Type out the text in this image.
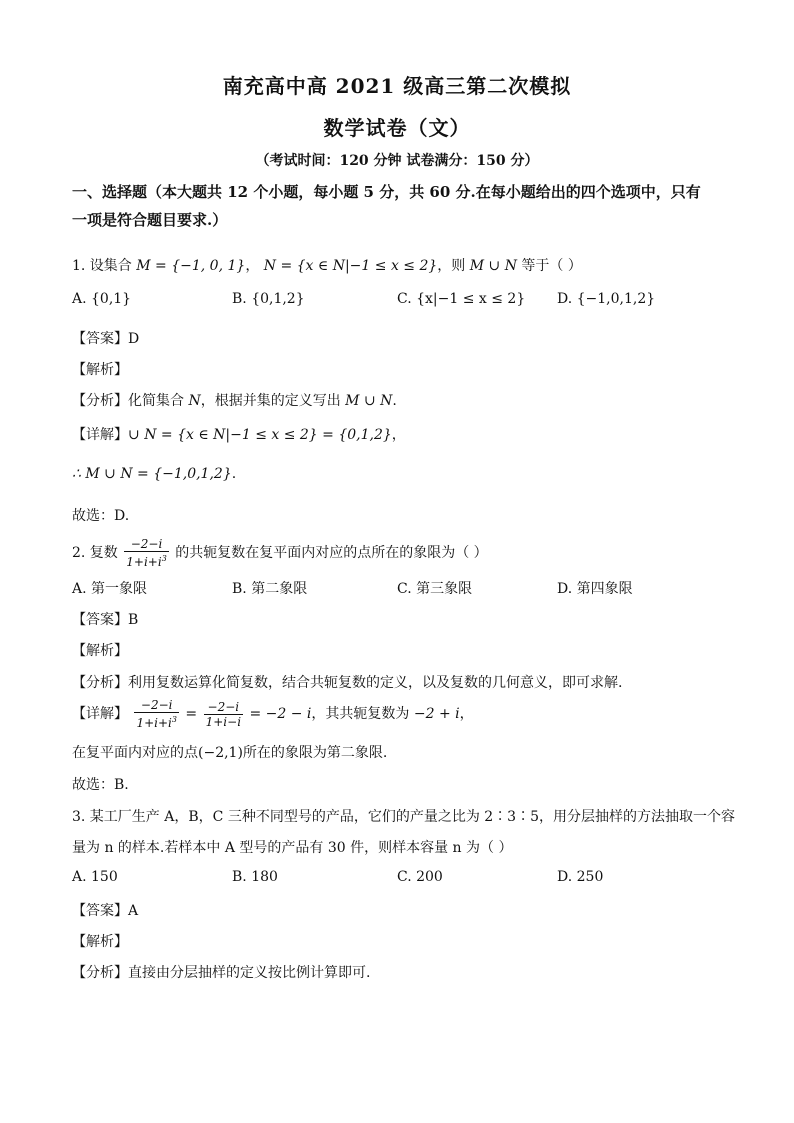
南充高中高 2021 级高三第二次模拟
数学试卷（文）
（考试时间：120 分钟 试卷满分：150 分）
一、选择题（本大题共 12 个小题，每小题 5 分，共 60 分.在每小题给出的四个选项中，只有
一项是符合题目要求.）
1. 设集合 M = {−1, 0, 1}， N = {x ∈ N|−1 ≤ x ≤ 2}，则 M ∪ N 等于（ ）
A. {0,1}	B. {0,1,2}	C. {x|−1 ≤ x ≤ 2} D. {−1,0,1,2}
【答案】D
【解析】
【分析】化简集合 N，根据并集的定义写出 M ∪ N.
【详解】∪ N = {x ∈ N|−1 ≤ x ≤ 2} = {0,1,2}，
∴ M ∪ N = {−1,0,1,2}.
故选：D.
2. 复数 $\frac{-2-i}{1+i+i^3}$ 的共轭复数在复平面内对应的点所在的象限为（ ）
A. 第一象限	B. 第二象限	C. 第三象限	D. 第四象限
【答案】B
【解析】
【分析】利用复数运算化简复数，结合共轭复数的定义，以及复数的几何意义，即可求解.
【详解】 $\frac{-2-i}{1+i+i^3} = \frac{-2-i}{1+i-i} = -2 - i$，其共轭复数为 −2 + i，
在复平面内对应的点(−2,1)所在的象限为第二象限.
故选：B.
3. 某工厂生产 A，B，C 三种不同型号的产品，它们的产量之比为 2∶3∶5，用分层抽样的方法抽取一个容
量为 n 的样本.若样本中 A 型号的产品有 30 件，则样本容量 n 为（ ）
A. 150	B. 180	C. 200	D. 250
【答案】A
【解析】
【分析】直接由分层抽样的定义按比例计算即可.
